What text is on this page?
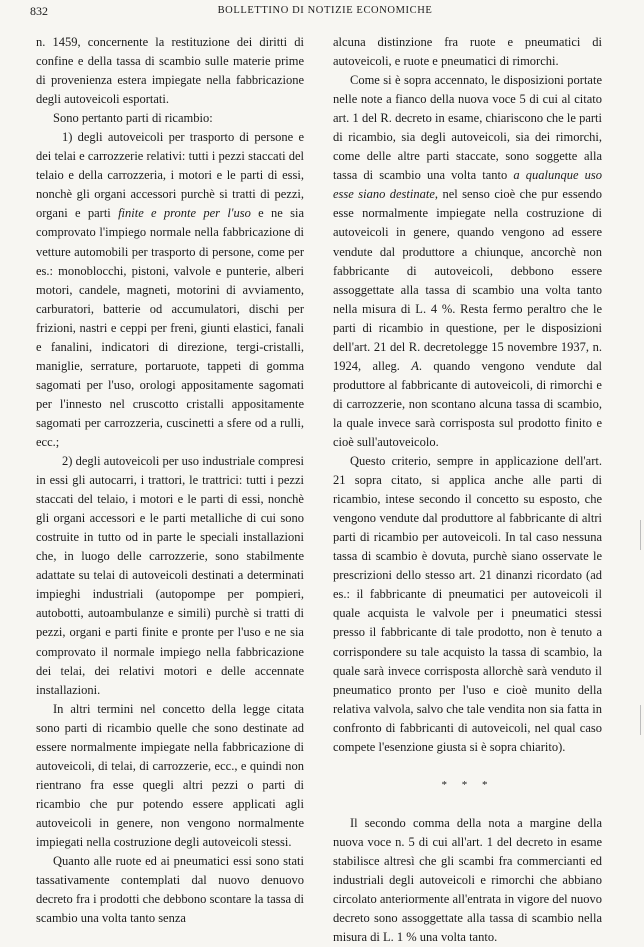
832	BOLLETTINO DI NOTIZIE ECONOMICHE

n. 1459, concernente la restituzione dei diritti di confine e della tassa di scambio sulle materie prime di provenienza estera impiegate nella fabbricazione degli autoveicoli esportati.

Sono pertanto parti di ricambio:

1) degli autoveicoli per trasporto di persone e dei telai e carrozzerie relativi: tutti i pezzi staccati del telaio e della carrozzeria, i motori e le parti di essi, nonchè gli organi accessori purchè si tratti di pezzi, organi e parti finite e pronte per l'uso e ne sia comprovato l'impiego normale nella fabbricazione di vetture automobili per trasporto di persone, come per es.: monoblocchi, pistoni, valvole e punterie, alberi motori, candele, magneti, motorini di avviamento, carburatori, batterie od accumulatori, dischi per frizioni, nastri e ceppi per freni, giunti elastici, fanali e fanalini, indicatori di direzione, tergi-cristalli, maniglie, serrature, portaruote, tappeti di gomma sagomati per l'uso, orologi appositamente sagomati per l'innesto nel cruscotto cristalli appositamente sagomati per carrozzeria, cuscinetti a sfere od a rulli, ecc.;

2) degli autoveicoli per uso industriale compresi in essi gli autocarri, i trattori, le trattrici: tutti i pezzi staccati del telaio, i motori e le parti di essi, nonchè gli organi accessori e le parti metalliche di cui sono costruite in tutto od in parte le speciali installazioni che, in luogo delle carrozzerie, sono stabilmente adattate su telai di autoveicoli destinati a determinati impieghi industriali (autopompe per pompieri, autobotti, autoambulanze e simili) purchè si tratti di pezzi, organi e parti finite e pronte per l'uso e ne sia comprovato il normale impiego nella fabbricazione dei telai, dei relativi motori e delle accennate installazioni.

In altri termini nel concetto della legge citata sono parti di ricambio quelle che sono destinate ad essere normalmente impiegate nella fabbricazione di autoveicoli, di telai, di carrozzerie, ecc., e quindi non rientrano fra esse quegli altri pezzi o parti di ricambio che pur potendo essere applicati agli autoveicoli in genere, non vengono normalmente impiegati nella costruzione degli autoveicoli stessi.

Quanto alle ruote ed ai pneumatici essi sono stati tassativamente contemplati dal nuovo denuovo decreto fra i prodotti che debbono scontare la tassa di scambio una volta tanto senza

alcuna distinzione fra ruote e pneumatici di autoveicoli, e ruote e pneumatici di rimorchi.

Come si è sopra accennato, le disposizioni portate nelle note a fianco della nuova voce 5 di cui al citato art. 1 del R. decreto in esame, chiariscono che le parti di ricambio, sia degli autoveicoli, sia dei rimorchi, come delle altre parti staccate, sono soggette alla tassa di scambio una volta tanto a qualunque uso esse siano destinate, nel senso cioè che pur essendo esse normalmente impiegate nella costruzione di autoveicoli in genere, quando vengono ad essere vendute dal produttore a chiunque, ancorchè non fabbricante di autoveicoli, debbono essere assoggettate alla tassa di scambio una volta tanto nella misura di L. 4 %. Resta fermo peraltro che le parti di ricambio in questione, per le disposizioni dell'art. 21 del R. decretolegge 15 novembre 1937, n. 1924, alleg. A. quando vengono vendute dal produttore al fabbricante di autoveicoli, di rimorchi e di carrozzerie, non scontano alcuna tassa di scambio, la quale invece sarà corrisposta sul prodotto finito e cioè sull'autoveicolo.

Questo criterio, sempre in applicazione dell'art. 21 sopra citato, si applica anche alle parti di ricambio, intese secondo il concetto su esposto, che vengono vendute dal produttore al fabbricante di altri parti di ricambio per autoveicoli. In tal caso nessuna tassa di scambio è dovuta, purchè siano osservate le prescrizioni dello stesso art. 21 dinanzi ricordato (ad es.: il fabbricante di pneumatici per autoveicoli il quale acquista le valvole per i pneumatici stessi presso il fabbricante di tale prodotto, non è tenuto a corrispondere su tale acquisto la tassa di scambio, la quale sarà invece corrisposta allorchè sarà venduto il pneumatico pronto per l'uso e cioè munito della relativa valvola, salvo che tale vendita non sia fatta in confronto di fabbricanti di autoveicoli, nel qual caso compete l'esenzione giusta si è sopra chiarito).

* * *

Il secondo comma della nota a margine della nuova voce n. 5 di cui all'art. 1 del decreto in esame stabilisce altresì che gli scambi fra commercianti ed industriali degli autoveicoli e rimorchi che abbiano circolato anteriormente all'entrata in vigore del nuovo decreto sono assoggettate alla tassa di scambio nella misura di L. 1 % una volta tanto.
